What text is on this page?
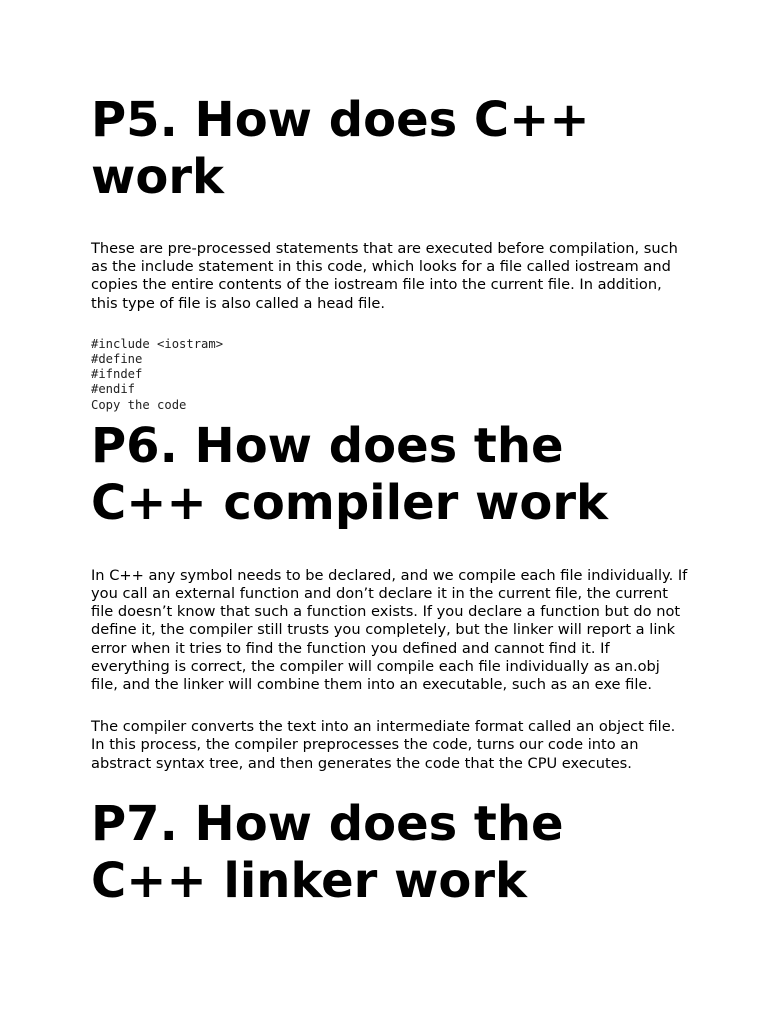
P5. How does C++ work

These are pre-processed statements that are executed before compilation, such as the include statement in this code, which looks for a file called iostream and copies the entire contents of the iostream file into the current file. In addition, this type of file is also called a head file.

#include <iostram>
#define
#ifndef
#endif
Copy the code
P6. How does the C++ compiler work

In C++ any symbol needs to be declared, and we compile each file individually. If you call an external function and don’t declare it in the current file, the current file doesn’t know that such a function exists. If you declare a function but do not define it, the compiler still trusts you completely, but the linker will report a link error when it tries to find the function you defined and cannot find it. If everything is correct, the compiler will compile each file individually as an.obj file, and the linker will combine them into an executable, such as an exe file.

The compiler converts the text into an intermediate format called an object file. In this process, the compiler preprocesses the code, turns our code into an abstract syntax tree, and then generates the code that the CPU executes.

P7. How does the C++ linker work
